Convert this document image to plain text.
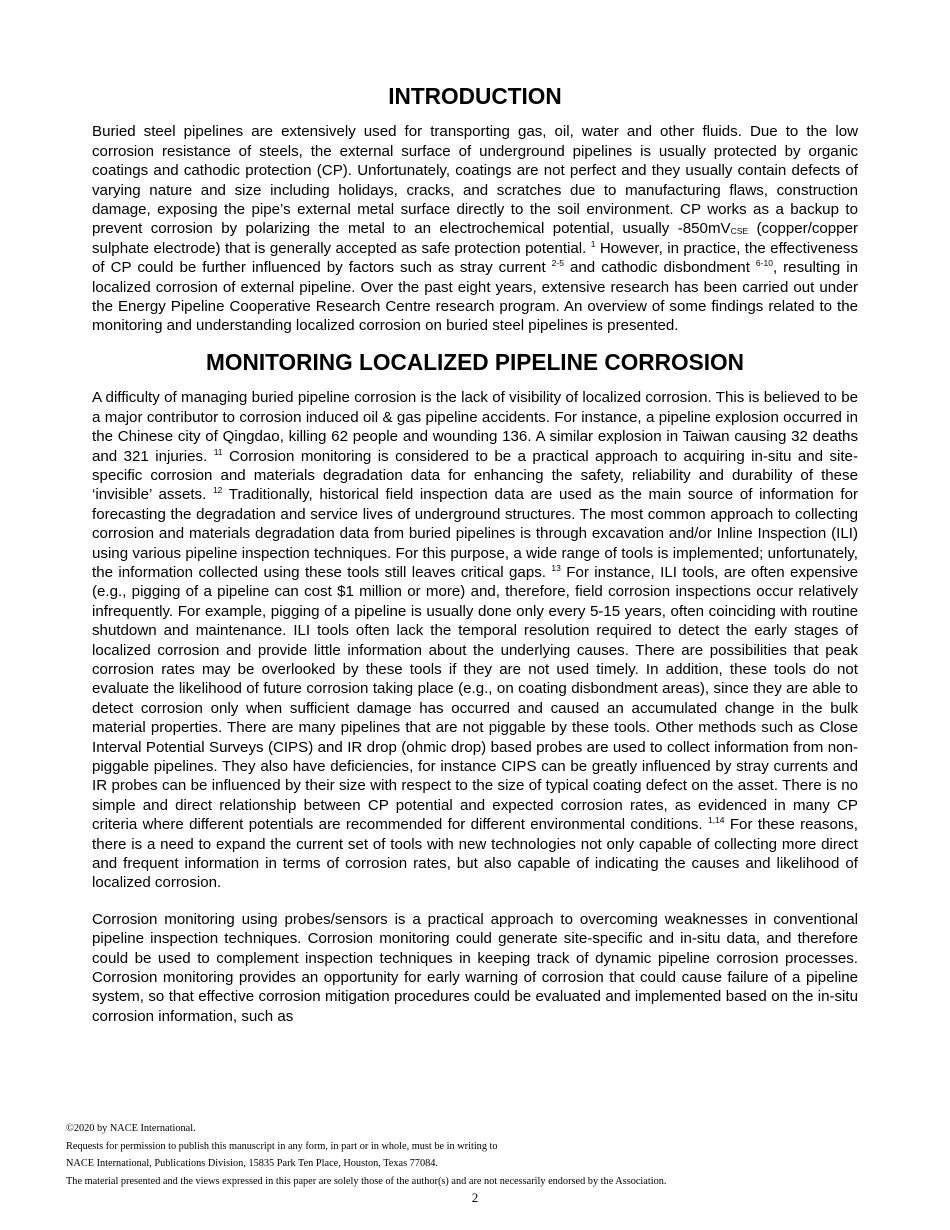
INTRODUCTION
Buried steel pipelines are extensively used for transporting gas, oil, water and other fluids. Due to the low corrosion resistance of steels, the external surface of underground pipelines is usually protected by organic coatings and cathodic protection (CP). Unfortunately, coatings are not perfect and they usually contain defects of varying nature and size including holidays, cracks, and scratches due to manufacturing flaws, construction damage, exposing the pipe’s external metal surface directly to the soil environment. CP works as a backup to prevent corrosion by polarizing the metal to an electrochemical potential, usually $-850mV_{CSE}$ (copper/copper sulphate electrode) that is generally accepted as safe protection potential. $^1$ However, in practice, the effectiveness of CP could be further influenced by factors such as stray current $^{2-5}$ and cathodic disbondment $^{6-10}$, resulting in localized corrosion of external pipeline. Over the past eight years, extensive research has been carried out under the Energy Pipeline Cooperative Research Centre research program. An overview of some findings related to the monitoring and understanding localized corrosion on buried steel pipelines is presented.
MONITORING LOCALIZED PIPELINE CORROSION
A difficulty of managing buried pipeline corrosion is the lack of visibility of localized corrosion. This is believed to be a major contributor to corrosion induced oil & gas pipeline accidents. For instance, a pipeline explosion occurred in the Chinese city of Qingdao, killing 62 people and wounding 136. A similar explosion in Taiwan causing 32 deaths and 321 injuries. $^{11}$ Corrosion monitoring is considered to be a practical approach to acquiring in-situ and site-specific corrosion and materials degradation data for enhancing the safety, reliability and durability of these ‘invisible’ assets. $^{12}$ Traditionally, historical field inspection data are used as the main source of information for forecasting the degradation and service lives of underground structures. The most common approach to collecting corrosion and materials degradation data from buried pipelines is through excavation and/or Inline Inspection (ILI) using various pipeline inspection techniques. For this purpose, a wide range of tools is implemented; unfortunately, the information collected using these tools still leaves critical gaps. $^{13}$ For instance, ILI tools, are often expensive (e.g., pigging of a pipeline can cost $1 million or more) and, therefore, field corrosion inspections occur relatively infrequently. For example, pigging of a pipeline is usually done only every 5-15 years, often coinciding with routine shutdown and maintenance. ILI tools often lack the temporal resolution required to detect the early stages of localized corrosion and provide little information about the underlying causes. There are possibilities that peak corrosion rates may be overlooked by these tools if they are not used timely. In addition, these tools do not evaluate the likelihood of future corrosion taking place (e.g., on coating disbondment areas), since they are able to detect corrosion only when sufficient damage has occurred and caused an accumulated change in the bulk material properties. There are many pipelines that are not piggable by these tools. Other methods such as Close Interval Potential Surveys (CIPS) and IR drop (ohmic drop) based probes are used to collect information from non-piggable pipelines. They also have deficiencies, for instance CIPS can be greatly influenced by stray currents and IR probes can be influenced by their size with respect to the size of typical coating defect on the asset. There is no simple and direct relationship between CP potential and expected corrosion rates, as evidenced in many CP criteria where different potentials are recommended for different environmental conditions. $^{1,14}$ For these reasons, there is a need to expand the current set of tools with new technologies not only capable of collecting more direct and frequent information in terms of corrosion rates, but also capable of indicating the causes and likelihood of localized corrosion.
Corrosion monitoring using probes/sensors is a practical approach to overcoming weaknesses in conventional pipeline inspection techniques. Corrosion monitoring could generate site-specific and in-situ data, and therefore could be used to complement inspection techniques in keeping track of dynamic pipeline corrosion processes. Corrosion monitoring provides an opportunity for early warning of corrosion that could cause failure of a pipeline system, so that effective corrosion mitigation procedures could be evaluated and implemented based on the in-situ corrosion information, such as
©2020 by NACE International.
Requests for permission to publish this manuscript in any form, in part or in whole, must be in writing to
NACE International, Publications Division, 15835 Park Ten Place, Houston, Texas 77084.
The material presented and the views expressed in this paper are solely those of the author(s) and are not necessarily endorsed by the Association.
2
